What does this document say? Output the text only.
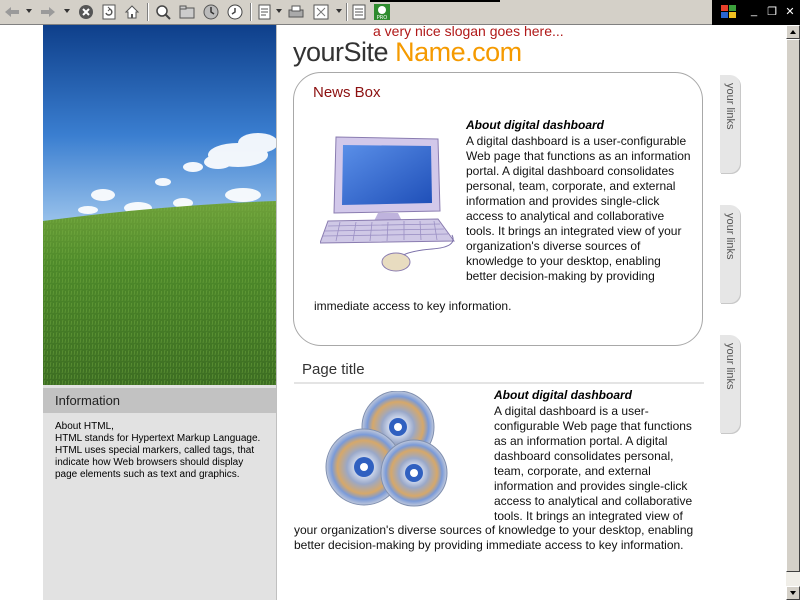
PRO
_ ❐ ✕
Information
About HTML,
HTML stands for Hypertext Markup Language. HTML uses special markers, called tags, that indicate how Web browsers should display page elements such as text and graphics.
a very nice slogan goes here...
yourSite Name.com
News Box
About digital dashboard
A digital dashboard is a user-configurable Web page that functions as an information portal. A digital dashboard consolidates personal, team, corporate, and external information and provides single-click access to analytical and collaborative tools. It brings an integrated view of your organization's diverse sources of knowledge to your desktop, enabling better decision-making by providing
immediate access to key information.
Page title
About digital dashboard
A digital dashboard is a user-configurable Web page that functions as an information portal. A digital dashboard consolidates personal, team, corporate, and external information and provides single-click access to analytical and collaborative tools. It brings an integrated view of
your organization's diverse sources of knowledge to your desktop, enabling better decision-making by providing immediate access to key information.
your links
your links
your links
